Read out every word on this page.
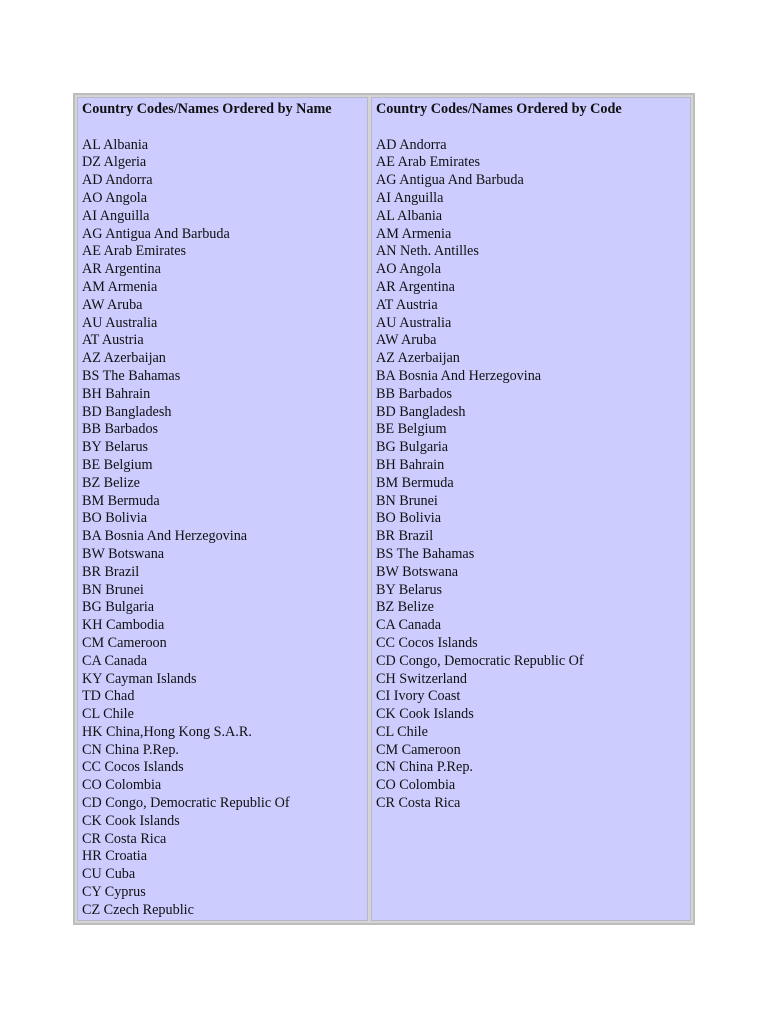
Country Codes/Names Ordered by Name

AL Albania
DZ Algeria
AD Andorra
AO Angola
AI Anguilla
AG Antigua And Barbuda
AE Arab Emirates
AR Argentina
AM Armenia
AW Aruba
AU Australia
AT Austria
AZ Azerbaijan
BS The Bahamas
BH Bahrain
BD Bangladesh
BB Barbados
BY Belarus
BE Belgium
BZ Belize
BM Bermuda
BO Bolivia
BA Bosnia And Herzegovina
BW Botswana
BR Brazil
BN Brunei
BG Bulgaria
KH Cambodia
CM Cameroon
CA Canada
KY Cayman Islands
TD Chad
CL Chile
HK China,Hong Kong S.A.R.
CN China P.Rep.
CC Cocos Islands
CO Colombia
CD Congo, Democratic Republic Of
CK Cook Islands
CR Costa Rica
HR Croatia
CU Cuba
CY Cyprus
CZ Czech Republic

Country Codes/Names Ordered by Code

AD Andorra
AE Arab Emirates
AG Antigua And Barbuda
AI Anguilla
AL Albania
AM Armenia
AN Neth. Antilles
AO Angola
AR Argentina
AT Austria
AU Australia
AW Aruba
AZ Azerbaijan
BA Bosnia And Herzegovina
BB Barbados
BD Bangladesh
BE Belgium
BG Bulgaria
BH Bahrain
BM Bermuda
BN Brunei
BO Bolivia
BR Brazil
BS The Bahamas
BW Botswana
BY Belarus
BZ Belize
CA Canada
CC Cocos Islands
CD Congo, Democratic Republic Of
CH Switzerland
CI Ivory Coast
CK Cook Islands
CL Chile
CM Cameroon
CN China P.Rep.
CO Colombia
CR Costa Rica
